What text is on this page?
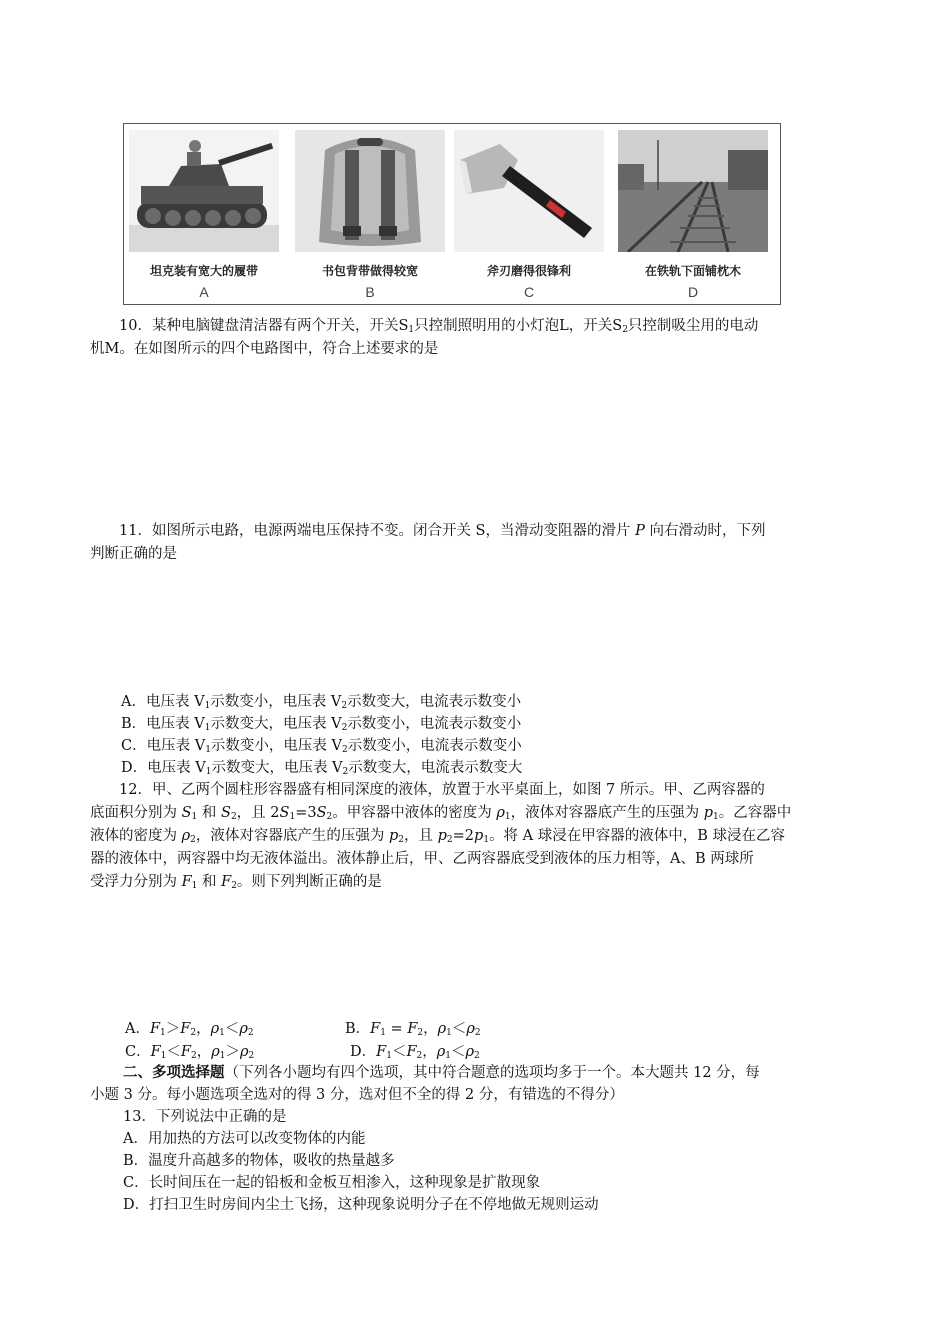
坦克装有宽大的履带
A
书包背带做得较宽
B
斧刃磨得很锋利
C
在铁轨下面铺枕木
D
10．某种电脑键盘清洁器有两个开关，开关$S_1$只控制照明用的小灯泡L，开关$S_2$只控制吸尘用的电动
机M。在如图所示的四个电路图中，符合上述要求的是
11．如图所示电路，电源两端电压保持不变。闭合开关 S，当滑动变阻器的滑片 P 向右滑动时，下列
判断正确的是
A．电压表 $V_1$示数变小，电压表 $V_2$示数变大，电流表示数变小
B．电压表 $V_1$示数变大，电压表 $V_2$示数变小，电流表示数变小
C．电压表 $V_1$示数变小，电压表 $V_2$示数变小，电流表示数变小
D．电压表 $V_1$示数变大，电压表 $V_2$示数变大，电流表示数变大
12．甲、乙两个圆柱形容器盛有相同深度的液体，放置于水平桌面上，如图 7 所示。甲、乙两容器的
底面积分别为 $S_1$ 和 $S_2$，且 $2S_1=3S_2$。甲容器中液体的密度为 $\rho_1$，液体对容器底产生的压强为 $p_1$。乙容器中
液体的密度为 $\rho_2$，液体对容器底产生的压强为 $p_2$，且 $p_2=2p_1$。将 A 球浸在甲容器的液体中，B 球浸在乙容
器的液体中，两容器中均无液体溢出。液体静止后，甲、乙两容器底受到液体的压力相等，A、B 两球所
受浮力分别为 $F_1$ 和 $F_2$。则下列判断正确的是
A．$F_1>F_2$，$\rho_1<\rho_2$	B．$F_1 = F_2$，$\rho_1<\rho_2$
C．$F_1<F_2$，$\rho_1>\rho_2$	D．$F_1<F_2$，$\rho_1<\rho_2$
二、多项选择题（下列各小题均有四个选项，其中符合题意的选项均多于一个。本大题共 12 分，每
小题 3 分。每小题选项全选对的得 3 分，选对但不全的得 2 分，有错选的不得分）
13．下列说法中正确的是
A．用加热的方法可以改变物体的内能
B．温度升高越多的物体，吸收的热量越多
C．长时间压在一起的铅板和金板互相渗入，这种现象是扩散现象
D．打扫卫生时房间内尘土飞扬，这种现象说明分子在不停地做无规则运动
